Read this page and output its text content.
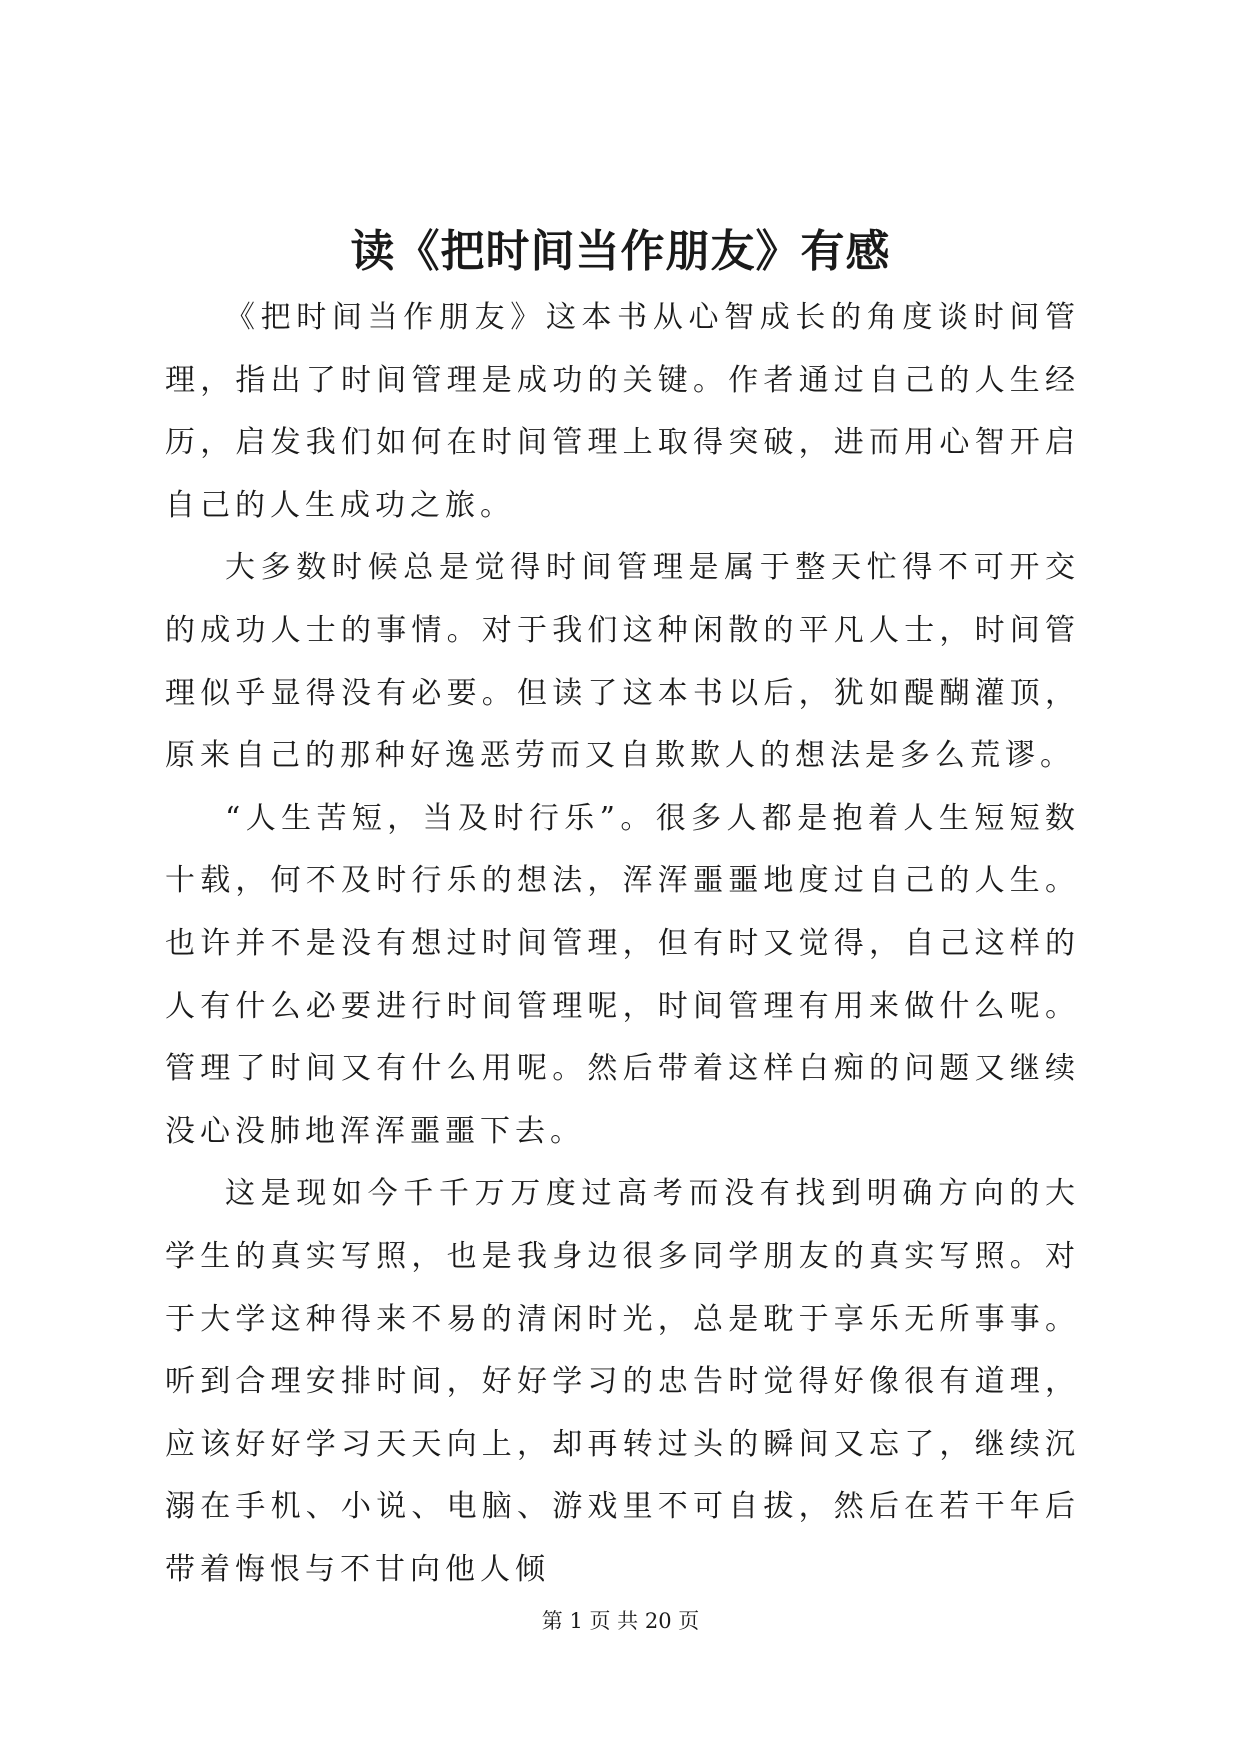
读《把时间当作朋友》有感

《把时间当作朋友》这本书从心智成长的角度谈时间管理，指出了时间管理是成功的关键。作者通过自己的人生经历，启发我们如何在时间管理上取得突破，进而用心智开启自己的人生成功之旅。

大多数时候总是觉得时间管理是属于整天忙得不可开交的成功人士的事情。对于我们这种闲散的平凡人士，时间管理似乎显得没有必要。但读了这本书以后，犹如醍醐灌顶，原来自己的那种好逸恶劳而又自欺欺人的想法是多么荒谬。

“人生苦短，当及时行乐”。很多人都是抱着人生短短数十载，何不及时行乐的想法，浑浑噩噩地度过自己的人生。也许并不是没有想过时间管理，但有时又觉得，自己这样的人有什么必要进行时间管理呢，时间管理有用来做什么呢。管理了时间又有什么用呢。然后带着这样白痴的问题又继续没心没肺地浑浑噩噩下去。

这是现如今千千万万度过高考而没有找到明确方向的大学生的真实写照，也是我身边很多同学朋友的真实写照。对于大学这种得来不易的清闲时光，总是耽于享乐无所事事。听到合理安排时间，好好学习的忠告时觉得好像很有道理，应该好好学习天天向上，却再转过头的瞬间又忘了，继续沉溺在手机、小说、电脑、游戏里不可自拔，然后在若干年后带着悔恨与不甘向他人倾

第 1 页 共 20 页
